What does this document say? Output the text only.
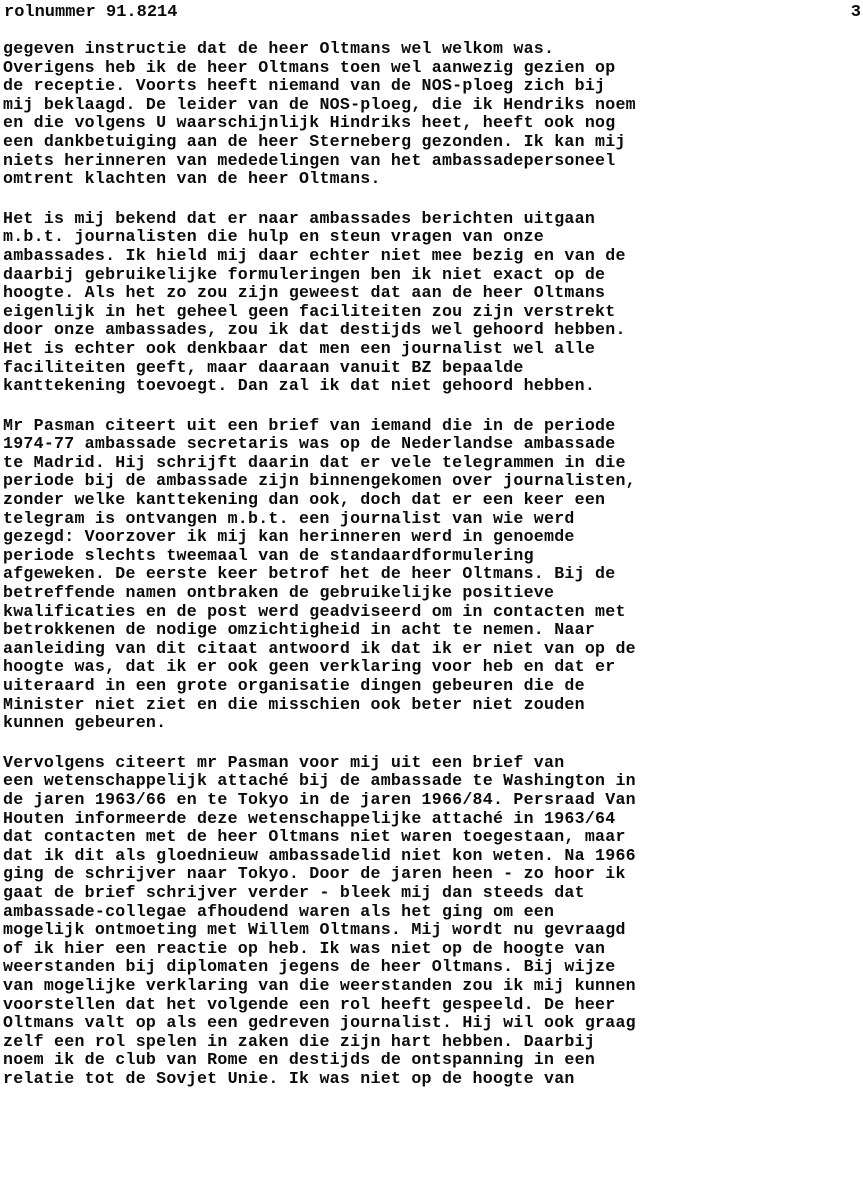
rolnummer 91.8214	3
gegeven instructie dat de heer Oltmans wel welkom was.
Overigens heb ik de heer Oltmans toen wel aanwezig gezien op
de receptie. Voorts heeft niemand van de NOS-ploeg zich bij
mij beklaagd. De leider van de NOS-ploeg, die ik Hendriks noem
en die volgens U waarschijnlijk Hindriks heet, heeft ook nog
een dankbetuiging aan de heer Sterneberg gezonden. Ik kan mij
niets herinneren van mededelingen van het ambassadepersoneel
omtrent klachten van de heer Oltmans.
Het is mij bekend dat er naar ambassades berichten uitgaan
m.b.t. journalisten die hulp en steun vragen van onze
ambassades. Ik hield mij daar echter niet mee bezig en van de
daarbij gebruikelijke formuleringen ben ik niet exact op de
hoogte. Als het zo zou zijn geweest dat aan de heer Oltmans
eigenlijk in het geheel geen faciliteiten zou zijn verstrekt
door onze ambassades, zou ik dat destijds wel gehoord hebben.
Het is echter ook denkbaar dat men een journalist wel alle
faciliteiten geeft, maar daaraan vanuit BZ bepaalde
kanttekening toevoegt. Dan zal ik dat niet gehoord hebben.
Mr Pasman citeert uit een brief van iemand die in de periode
1974-77 ambassade secretaris was op de Nederlandse ambassade
te Madrid. Hij schrijft daarin dat er vele telegrammen in die
periode bij de ambassade zijn binnengekomen over journalisten,
zonder welke kanttekening dan ook, doch dat er een keer een
telegram is ontvangen m.b.t. een journalist van wie werd
gezegd: Voorzover ik mij kan herinneren werd in genoemde
periode slechts tweemaal van de standaardformulering
afgeweken. De eerste keer betrof het de heer Oltmans. Bij de
betreffende namen ontbraken de gebruikelijke positieve
kwalificaties en de post werd geadviseerd om in contacten met
betrokkenen de nodige omzichtigheid in acht te nemen. Naar
aanleiding van dit citaat antwoord ik dat ik er niet van op de
hoogte was, dat ik er ook geen verklaring voor heb en dat er
uiteraard in een grote organisatie dingen gebeuren die de
Minister niet ziet en die misschien ook beter niet zouden
kunnen gebeuren.
Vervolgens citeert mr Pasman voor mij uit een brief van
een wetenschappelijk attaché bij de ambassade te Washington in
de jaren 1963/66 en te Tokyo in de jaren 1966/84. Persraad Van
Houten informeerde deze wetenschappelijke attaché in 1963/64
dat contacten met de heer Oltmans niet waren toegestaan, maar
dat ik dit als gloednieuw ambassadelid niet kon weten. Na 1966
ging de schrijver naar Tokyo. Door de jaren heen - zo hoor ik
gaat de brief schrijver verder - bleek mij dan steeds dat
ambassade-collegae afhoudend waren als het ging om een
mogelijk ontmoeting met Willem Oltmans. Mij wordt nu gevraagd
of ik hier een reactie op heb. Ik was niet op de hoogte van
weerstanden bij diplomaten jegens de heer Oltmans. Bij wijze
van mogelijke verklaring van die weerstanden zou ik mij kunnen
voorstellen dat het volgende een rol heeft gespeeld. De heer
Oltmans valt op als een gedreven journalist. Hij wil ook graag
zelf een rol spelen in zaken die zijn hart hebben. Daarbij
noem ik de club van Rome en destijds de ontspanning in een
relatie tot de Sovjet Unie. Ik was niet op de hoogte van
